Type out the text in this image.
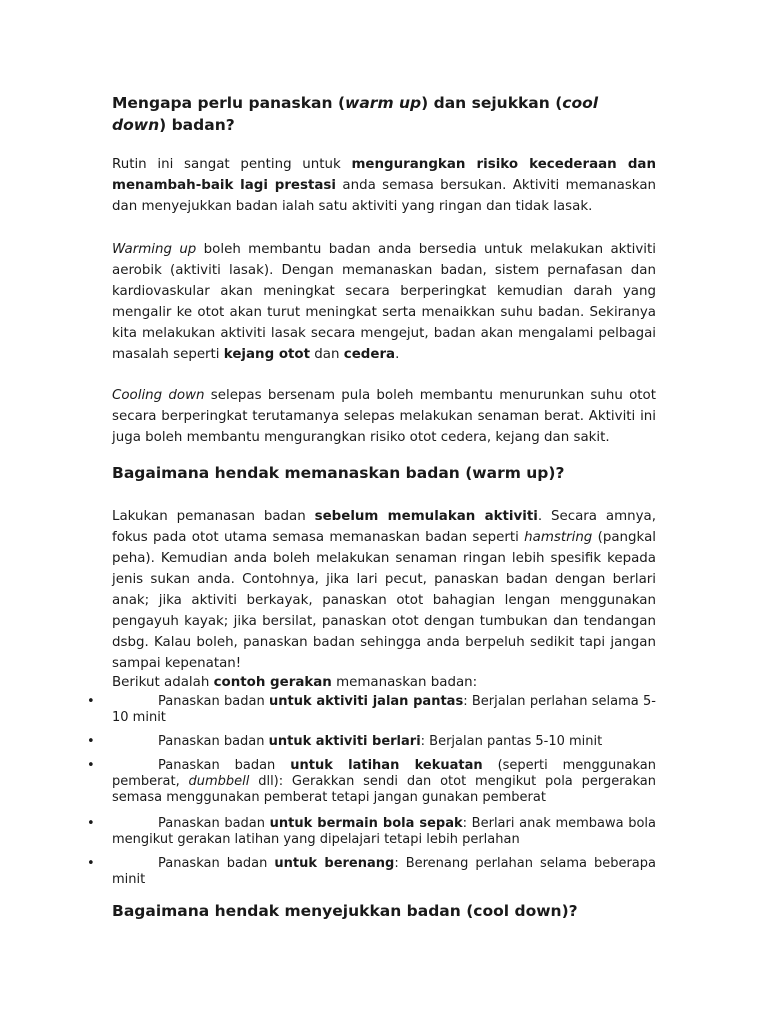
Mengapa perlu panaskan (warm up) dan sejukkan (cool down) badan?

Rutin ini sangat penting untuk mengurangkan risiko kecederaan dan menambah-baik lagi prestasi anda semasa bersukan. Aktiviti memanaskan dan menyejukkan badan ialah satu aktiviti yang ringan dan tidak lasak.

Warming up boleh membantu badan anda bersedia untuk melakukan aktiviti aerobik (aktiviti lasak). Dengan memanaskan badan, sistem pernafasan dan kardiovaskular akan meningkat secara berperingkat kemudian darah yang mengalir ke otot akan turut meningkat serta menaikkan suhu badan. Sekiranya kita melakukan aktiviti lasak secara mengejut, badan akan mengalami pelbagai masalah seperti kejang otot dan cedera.

Cooling down selepas bersenam pula boleh membantu menurunkan suhu otot secara berperingkat terutamanya selepas melakukan senaman berat. Aktiviti ini juga boleh membantu mengurangkan risiko otot cedera, kejang dan sakit.

Bagaimana hendak memanaskan badan (warm up)?

Lakukan pemanasan badan sebelum memulakan aktiviti. Secara amnya, fokus pada otot utama semasa memanaskan badan seperti hamstring (pangkal peha). Kemudian anda boleh melakukan senaman ringan lebih spesifik kepada jenis sukan anda. Contohnya, jika lari pecut, panaskan badan dengan berlari anak; jika aktiviti berkayak, panaskan otot bahagian lengan menggunakan pengayuh kayak; jika bersilat, panaskan otot dengan tumbukan dan tendangan dsbg. Kalau boleh, panaskan badan sehingga anda berpeluh sedikit tapi jangan sampai kepenatan!

Berikut adalah contoh gerakan memanaskan badan:

•	Panaskan badan untuk aktiviti jalan pantas: Berjalan perlahan selama 5-10 minit

•	Panaskan badan untuk aktiviti berlari: Berjalan pantas 5-10 minit

•	Panaskan badan untuk latihan kekuatan (seperti menggunakan pemberat, dumbbell dll): Gerakkan sendi dan otot mengikut pola pergerakan semasa menggunakan pemberat tetapi jangan gunakan pemberat

•	Panaskan badan untuk bermain bola sepak: Berlari anak membawa bola mengikut gerakan latihan yang dipelajari tetapi lebih perlahan

•	Panaskan badan untuk berenang: Berenang perlahan selama beberapa minit

Bagaimana hendak menyejukkan badan (cool down)?
